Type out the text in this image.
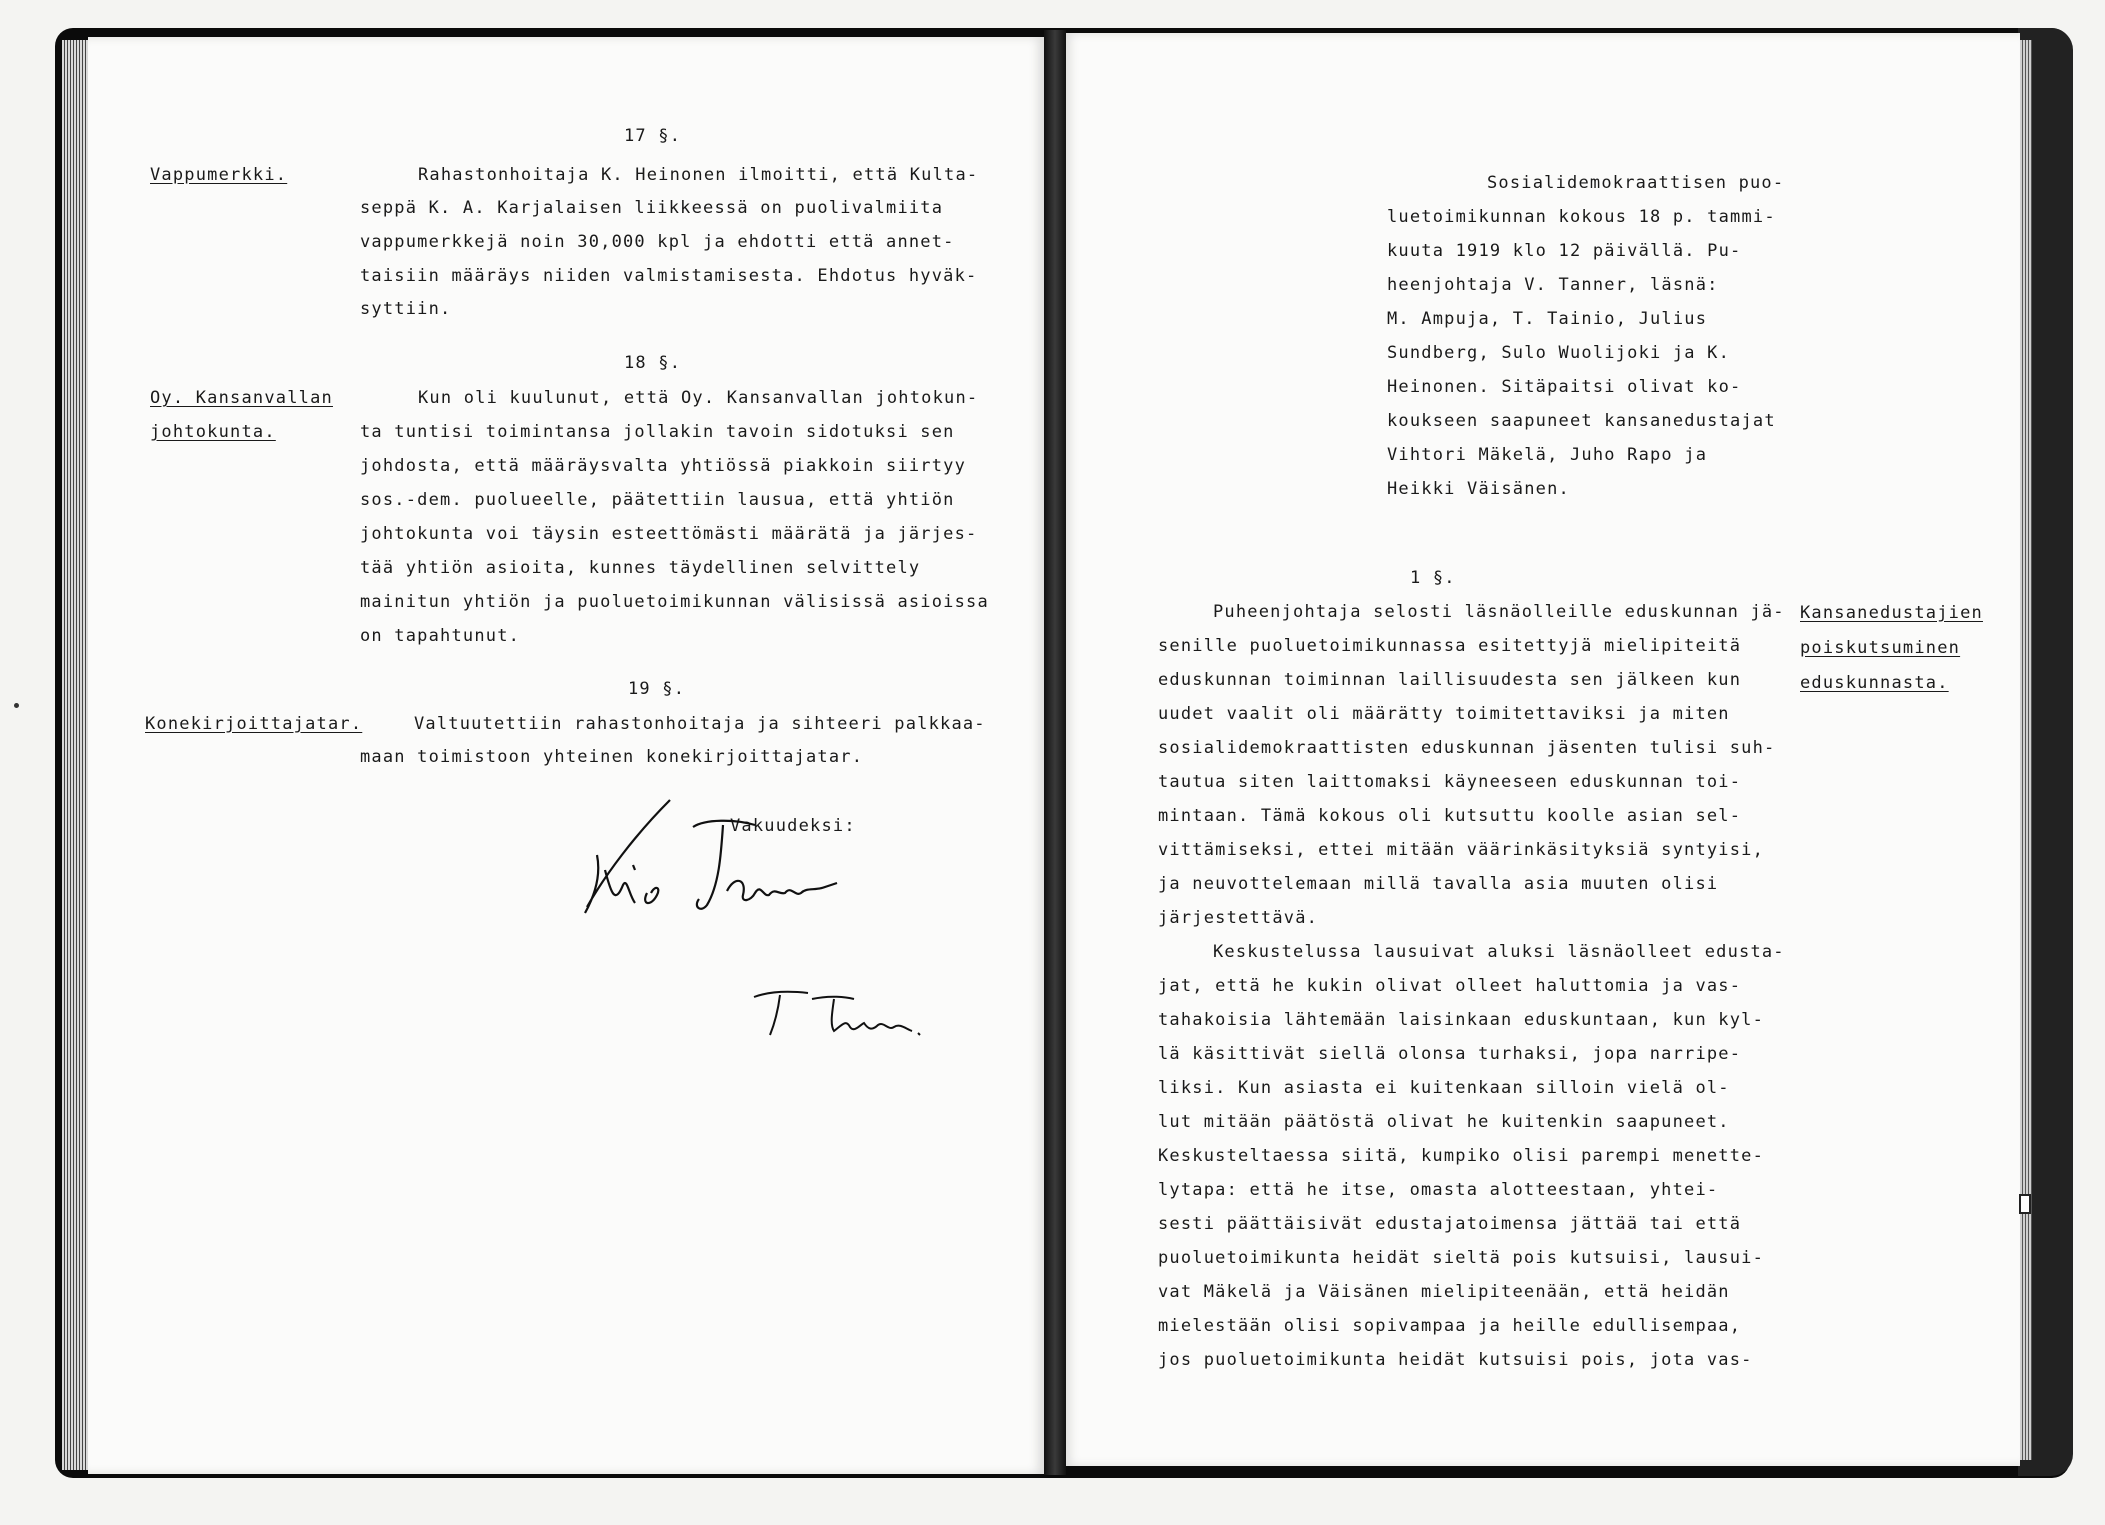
17 §.
Vappumerkki.	Rahastonhoitaja K. Heinonen ilmoitti, että Kulta-
seppä K. A. Karjalaisen liikkeessä on puolivalmiita
vappumerkkejä noin 30,000 kpl ja ehdotti että annet-
taisiin määräys niiden valmistamisesta. Ehdotus hyväk-
syttiin.
18 §.
Oy. Kansanvallan
johtokunta.
Kun oli kuulunut, että Oy. Kansanvallan johtokun-
ta tuntisi toimintansa jollakin tavoin sidotuksi sen
johdosta, että määräysvalta yhtiössä piakkoin siirtyy
sos.-dem. puolueelle, päätettiin lausua, että yhtiön
johtokunta voi täysin esteettömästi määrätä ja järjes-
tää yhtiön asioita, kunnes täydellinen selvittely
mainitun yhtiön ja puoluetoimikunnan välisissä asioissa
on tapahtunut.
19 §.
Konekirjoittajatar.	Valtuutettiin rahastonhoitaja ja sihteeri palkkaa-
maan toimistoon yhteinen konekirjoittajatar.
Vakuudeksi:
Sosialidemokraattisen puo-
luetoimikunnan kokous 18 p. tammi-
kuuta 1919 klo 12 päivällä. Pu-
heenjohtaja V. Tanner, läsnä:
M. Ampuja, T. Tainio, Julius
Sundberg, Sulo Wuolijoki ja K.
Heinonen. Sitäpaitsi olivat ko-
koukseen saapuneet kansanedustajat
Vihtori Mäkelä, Juho Rapo ja
Heikki Väisänen.
1 §.
Kansanedustajien
poiskutsuminen
eduskunnasta.
Puheenjohtaja selosti läsnäolleille eduskunnan jä-
senille puoluetoimikunnassa esitettyjä mielipiteitä
eduskunnan toiminnan laillisuudesta sen jälkeen kun
uudet vaalit oli määrätty toimitettaviksi ja miten
sosialidemokraattisten eduskunnan jäsenten tulisi suh-
tautua siten laittomaksi käyneeseen eduskunnan toi-
mintaan. Tämä kokous oli kutsuttu koolle asian sel-
vittämiseksi, ettei mitään väärinkäsityksiä syntyisi,
ja neuvottelemaan millä tavalla asia muuten olisi
järjestettävä.
Keskustelussa lausuivat aluksi läsnäolleet edusta-
jat, että he kukin olivat olleet haluttomia ja vas-
tahakoisia lähtemään laisinkaan eduskuntaan, kun kyl-
lä käsittivät siellä olonsa turhaksi, jopa narripe-
liksi. Kun asiasta ei kuitenkaan silloin vielä ol-
lut mitään päätöstä olivat he kuitenkin saapuneet.
Keskusteltaessa siitä, kumpiko olisi parempi menette-
lytapa: että he itse, omasta alotteestaan, yhtei-
sesti päättäisivät edustajatoimensa jättää tai että
puoluetoimikunta heidät sieltä pois kutsuisi, lausui-
vat Mäkelä ja Väisänen mielipiteenään, että heidän
mielestään olisi sopivampaa ja heille edullisempaa,
jos puoluetoimikunta heidät kutsuisi pois, jota vas-
